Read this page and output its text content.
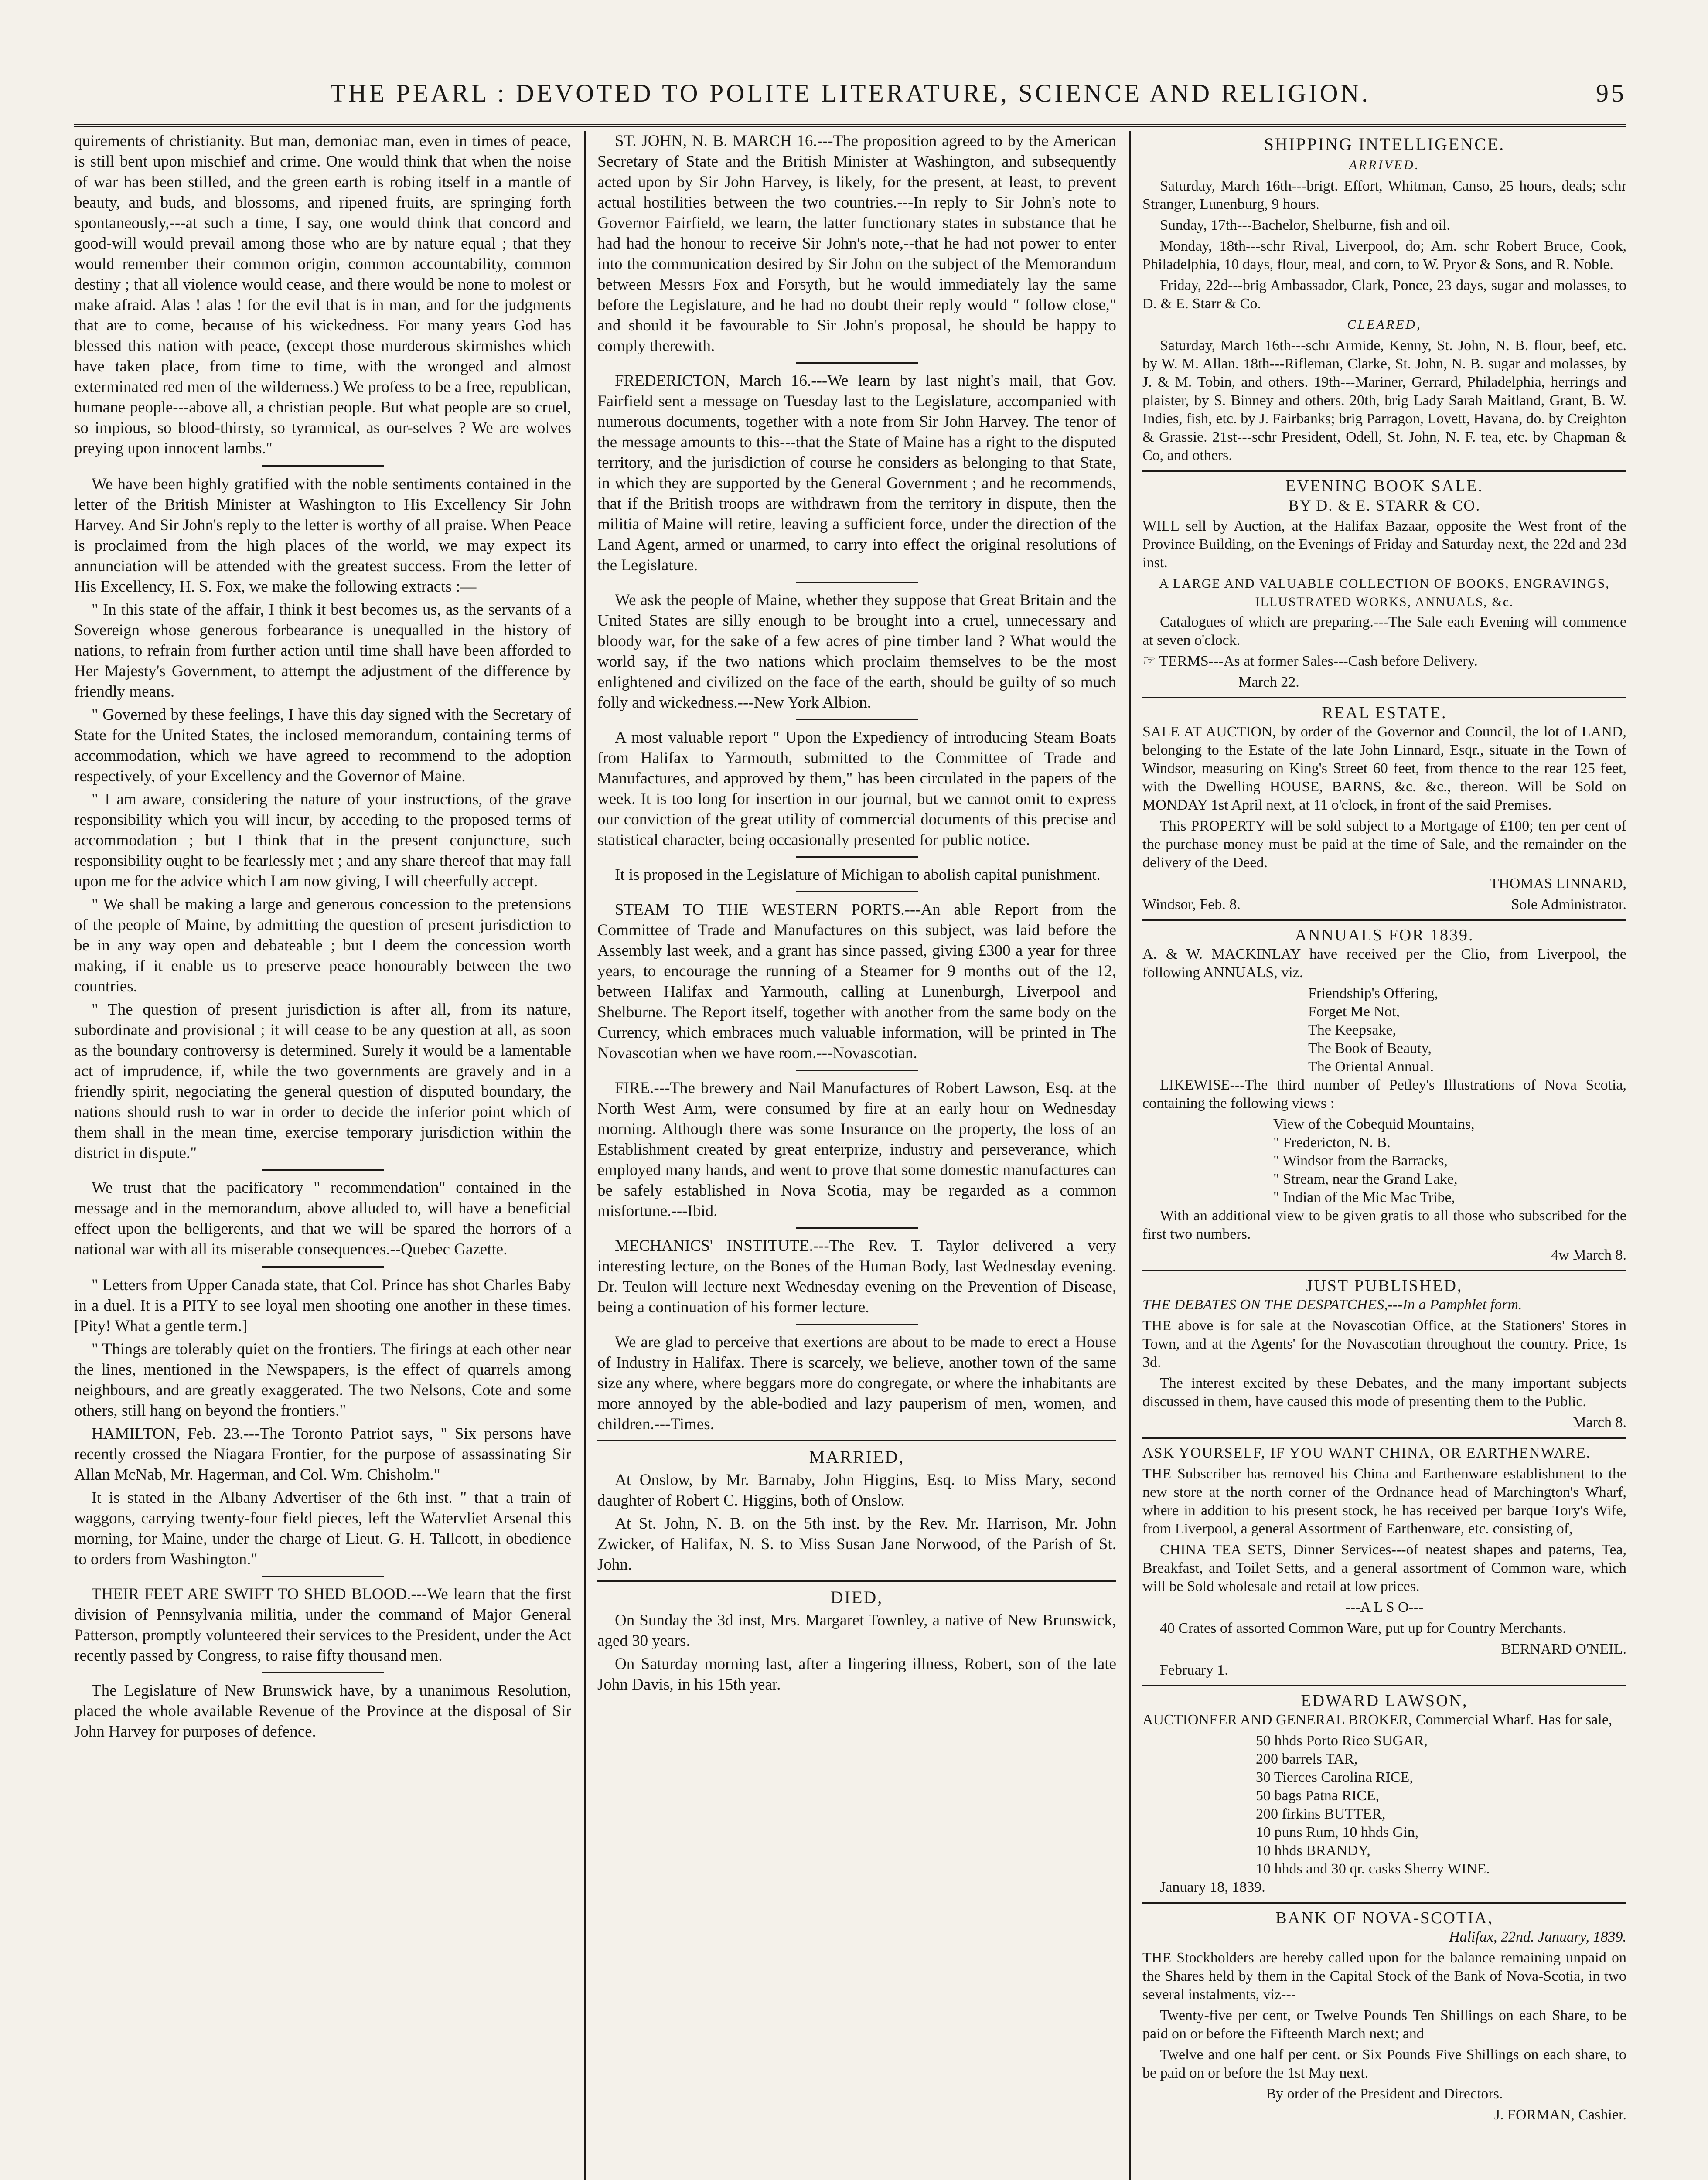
THE PEARL : DEVOTED TO POLITE LITERATURE, SCIENCE AND RELIGION.	95

quirements of christianity. But man, demoniac man, even in times of peace, is still bent upon mischief and crime. One would think that when the noise of war has been stilled, and the green earth is robing itself in a mantle of beauty, and buds, and blossoms, and ripened fruits, are springing forth spontaneously,---at such a time, I say, one would think that concord and good-will would prevail among those who are by nature equal ; that they would remember their common origin, common accountability, common destiny ; that all violence would cease, and there would be none to molest or make afraid. Alas ! alas ! for the evil that is in man, and for the judgments that are to come, because of his wickedness. For many years God has blessed this nation with peace, (except those murderous skirmishes which have taken place, from time to time, with the wronged and almost exterminated red men of the wilderness.) We profess to be a free, republican, humane people---above all, a christian people. But what people are so cruel, so impious, so blood-thirsty, so tyrannical, as our-selves ? We are wolves preying upon innocent lambs."

We have been highly gratified with the noble sentiments contained in the letter of the British Minister at Washington to His Excellency Sir John Harvey. And Sir John's reply to the letter is worthy of all praise. When Peace is proclaimed from the high places of the world, we may expect its annunciation will be attended with the greatest success. From the letter of His Excellency, H. S. Fox, we make the following extracts :—

" In this state of the affair, I think it best becomes us, as the servants of a Sovereign whose generous forbearance is unequalled in the history of nations, to refrain from further action until time shall have been afforded to Her Majesty's Government, to attempt the adjustment of the difference by friendly means.

" Governed by these feelings, I have this day signed with the Secretary of State for the United States, the inclosed memorandum, containing terms of accommodation, which we have agreed to recommend to the adoption respectively, of your Excellency and the Governor of Maine.

" I am aware, considering the nature of your instructions, of the grave responsibility which you will incur, by acceding to the proposed terms of accommodation ; but I think that in the present conjuncture, such responsibility ought to be fearlessly met ; and any share thereof that may fall upon me for the advice which I am now giving, I will cheerfully accept.

" We shall be making a large and generous concession to the pretensions of the people of Maine, by admitting the question of present jurisdiction to be in any way open and debateable ; but I deem the concession worth making, if it enable us to preserve peace honourably between the two countries.

" The question of present jurisdiction is after all, from its nature, subordinate and provisional ; it will cease to be any question at all, as soon as the boundary controversy is determined. Surely it would be a lamentable act of imprudence, if, while the two governments are gravely and in a friendly spirit, negociating the general question of disputed boundary, the nations should rush to war in order to decide the inferior point which of them shall in the mean time, exercise temporary jurisdiction within the district in dispute."

We trust that the pacificatory " recommendation" contained in the message and in the memorandum, above alluded to, will have a beneficial effect upon the belligerents, and that we will be spared the horrors of a national war with all its miserable consequences.--Quebec Gazette.

" Letters from Upper Canada state, that Col. Prince has shot Charles Baby in a duel. It is a PITY to see loyal men shooting one another in these times. [Pity! What a gentle term.]

" Things are tolerably quiet on the frontiers. The firings at each other near the lines, mentioned in the Newspapers, is the effect of quarrels among neighbours, and are greatly exaggerated. The two Nelsons, Cote and some others, still hang on beyond the frontiers."

HAMILTON, Feb. 23.---The Toronto Patriot says, " Six persons have recently crossed the Niagara Frontier, for the purpose of assassinating Sir Allan McNab, Mr. Hagerman, and Col. Wm. Chisholm."

It is stated in the Albany Advertiser of the 6th inst. " that a train of waggons, carrying twenty-four field pieces, left the Watervliet Arsenal this morning, for Maine, under the charge of Lieut. G. H. Tallcott, in obedience to orders from Washington."

THEIR FEET ARE SWIFT TO SHED BLOOD.---We learn that the first division of Pennsylvania militia, under the command of Major General Patterson, promptly volunteered their services to the President, under the Act recently passed by Congress, to raise fifty thousand men.

The Legislature of New Brunswick have, by a unanimous Resolution, placed the whole available Revenue of the Province at the disposal of Sir John Harvey for purposes of defence.

ST. JOHN, N. B. MARCH 16.---The proposition agreed to by the American Secretary of State and the British Minister at Washington, and subsequently acted upon by Sir John Harvey, is likely, for the present, at least, to prevent actual hostilities between the two countries.---In reply to Sir John's note to Governor Fairfield, we learn, the latter functionary states in substance that he had had the honour to receive Sir John's note,--that he had not power to enter into the communication desired by Sir John on the subject of the Memorandum between Messrs Fox and Forsyth, but he would immediately lay the same before the Legislature, and he had no doubt their reply would " follow close," and should it be favourable to Sir John's proposal, he should be happy to comply therewith.

FREDERICTON, March 16.---We learn by last night's mail, that Gov. Fairfield sent a message on Tuesday last to the Legislature, accompanied with numerous documents, together with a note from Sir John Harvey. The tenor of the message amounts to this---that the State of Maine has a right to the disputed territory, and the jurisdiction of course he considers as belonging to that State, in which they are supported by the General Government ; and he recommends, that if the British troops are withdrawn from the territory in dispute, then the militia of Maine will retire, leaving a sufficient force, under the direction of the Land Agent, armed or unarmed, to carry into effect the original resolutions of the Legislature.

We ask the people of Maine, whether they suppose that Great Britain and the United States are silly enough to be brought into a cruel, unnecessary and bloody war, for the sake of a few acres of pine timber land ? What would the world say, if the two nations which proclaim themselves to be the most enlightened and civilized on the face of the earth, should be guilty of so much folly and wickedness.---New York Albion.

A most valuable report " Upon the Expediency of introducing Steam Boats from Halifax to Yarmouth, submitted to the Committee of Trade and Manufactures, and approved by them," has been circulated in the papers of the week. It is too long for insertion in our journal, but we cannot omit to express our conviction of the great utility of commercial documents of this precise and statistical character, being occasionally presented for public notice.

It is proposed in the Legislature of Michigan to abolish capital punishment.

STEAM TO THE WESTERN PORTS.---An able Report from the Committee of Trade and Manufactures on this subject, was laid before the Assembly last week, and a grant has since passed, giving £300 a year for three years, to encourage the running of a Steamer for 9 months out of the 12, between Halifax and Yarmouth, calling at Lunenburgh, Liverpool and Shelburne. The Report itself, together with another from the same body on the Currency, which embraces much valuable information, will be printed in The Novascotian when we have room.---Novascotian.

FIRE.---The brewery and Nail Manufactures of Robert Lawson, Esq. at the North West Arm, were consumed by fire at an early hour on Wednesday morning. Although there was some Insurance on the property, the loss of an Establishment created by great enterprize, industry and perseverance, which employed many hands, and went to prove that some domestic manufactures can be safely established in Nova Scotia, may be regarded as a common misfortune.---Ibid.

MECHANICS' INSTITUTE.---The Rev. T. Taylor delivered a very interesting lecture, on the Bones of the Human Body, last Wednesday evening. Dr. Teulon will lecture next Wednesday evening on the Prevention of Disease, being a continuation of his former lecture.

We are glad to perceive that exertions are about to be made to erect a House of Industry in Halifax. There is scarcely, we believe, another town of the same size any where, where beggars more do congregate, or where the inhabitants are more annoyed by the able-bodied and lazy pauperism of men, women, and children.---Times.

MARRIED,

At Onslow, by Mr. Barnaby, John Higgins, Esq. to Miss Mary, second daughter of Robert C. Higgins, both of Onslow.

At St. John, N. B. on the 5th inst. by the Rev. Mr. Harrison, Mr. John Zwicker, of Halifax, N. S. to Miss Susan Jane Norwood, of the Parish of St. John.

DIED,

On Sunday the 3d inst, Mrs. Margaret Townley, a native of New Brunswick, aged 30 years.

On Saturday morning last, after a lingering illness, Robert, son of the late John Davis, in his 15th year.

SHIPPING INTELLIGENCE.
ARRIVED.

Saturday, March 16th---brigt. Effort, Whitman, Canso, 25 hours, deals; schr Stranger, Lunenburg, 9 hours.

Sunday, 17th---Bachelor, Shelburne, fish and oil.

Monday, 18th---schr Rival, Liverpool, do; Am. schr Robert Bruce, Cook, Philadelphia, 10 days, flour, meal, and corn, to W. Pryor & Sons, and R. Noble.

Friday, 22d---brig Ambassador, Clark, Ponce, 23 days, sugar and molasses, to D. & E. Starr & Co.

CLEARED,

Saturday, March 16th---schr Armide, Kenny, St. John, N. B. flour, beef, etc. by W. M. Allan. 18th---Rifleman, Clarke, St. John, N. B. sugar and molasses, by J. & M. Tobin, and others. 19th---Mariner, Gerrard, Philadelphia, herrings and plaister, by S. Binney and others. 20th, brig Lady Sarah Maitland, Grant, B. W. Indies, fish, etc. by J. Fairbanks; brig Parragon, Lovett, Havana, do. by Creighton & Grassie. 21st---schr President, Odell, St. John, N. F. tea, etc. by Chapman & Co, and others.

EVENING BOOK SALE.
BY D. & E. STARR & CO.

WILL sell by Auction, at the Halifax Bazaar, opposite the West front of the Province Building, on the Evenings of Friday and Saturday next, the 22d and 23d inst.

A LARGE AND VALUABLE COLLECTION OF BOOKS, ENGRAVINGS, ILLUSTRATED WORKS, ANNUALS, &c.

Catalogues of which are preparing.---The Sale each Evening will commence at seven o'clock.

☞ TERMS---As at former Sales---Cash before Delivery.

March 22.

REAL ESTATE.

SALE AT AUCTION, by order of the Governor and Council, the lot of LAND, belonging to the Estate of the late John Linnard, Esqr., situate in the Town of Windsor, measuring on King's Street 60 feet, from thence to the rear 125 feet, with the Dwelling HOUSE, BARNS, &c. &c., thereon. Will be Sold on MONDAY 1st April next, at 11 o'clock, in front of the said Premises.

This PROPERTY will be sold subject to a Mortgage of £100; ten per cent of the purchase money must be paid at the time of Sale, and the remainder on the delivery of the Deed.

THOMAS LINNARD,

Windsor, Feb. 8.	Sole Administrator.
ANNUALS FOR 1839.

A. & W. MACKINLAY have received per the Clio, from Liverpool, the following ANNUALS, viz.

Friendship's Offering,

Forget Me Not,

The Keepsake,

The Book of Beauty,

The Oriental Annual.

LIKEWISE---The third number of Petley's Illustrations of Nova Scotia, containing the following views :

View of the Cobequid Mountains,

" Fredericton, N. B.

" Windsor from the Barracks,

" Stream, near the Grand Lake,

" Indian of the Mic Mac Tribe,

With an additional view to be given gratis to all those who subscribed for the first two numbers.

4w March 8.

JUST PUBLISHED,

THE DEBATES ON THE DESPATCHES,---In a Pamphlet form.

THE above is for sale at the Novascotian Office, at the Stationers' Stores in Town, and at the Agents' for the Novascotian throughout the country. Price, 1s 3d.

The interest excited by these Debates, and the many important subjects discussed in them, have caused this mode of presenting them to the Public.

March 8.

ASK YOURSELF, IF YOU WANT CHINA, OR EARTHENWARE.

THE Subscriber has removed his China and Earthenware establishment to the new store at the north corner of the Ordnance head of Marchington's Wharf, where in addition to his present stock, he has received per barque Tory's Wife, from Liverpool, a general Assortment of Earthenware, etc. consisting of,

CHINA TEA SETS, Dinner Services---of neatest shapes and paterns, Tea, Breakfast, and Toilet Setts, and a general assortment of Common ware, which will be Sold wholesale and retail at low prices.

---A L S O---

40 Crates of assorted Common Ware, put up for Country Merchants.

BERNARD O'NEIL.

February 1.

EDWARD LAWSON,

AUCTIONEER AND GENERAL BROKER, Commercial Wharf. Has for sale,

50 hhds Porto Rico SUGAR,

200 barrels TAR,

30 Tierces Carolina RICE,

50 bags Patna RICE,

200 firkins BUTTER,

10 puns Rum, 10 hhds Gin,

10 hhds BRANDY,

10 hhds and 30 qr. casks Sherry WINE.

January 18, 1839.

BANK OF NOVA-SCOTIA,

Halifax, 22nd. January, 1839.

THE Stockholders are hereby called upon for the balance remaining unpaid on the Shares held by them in the Capital Stock of the Bank of Nova-Scotia, in two several instalments, viz---

Twenty-five per cent, or Twelve Pounds Ten Shillings on each Share, to be paid on or before the Fifteenth March next; and

Twelve and one half per cent. or Six Pounds Five Shillings on each share, to be paid on or before the 1st May next.

By order of the President and Directors.

J. FORMAN, Cashier.
